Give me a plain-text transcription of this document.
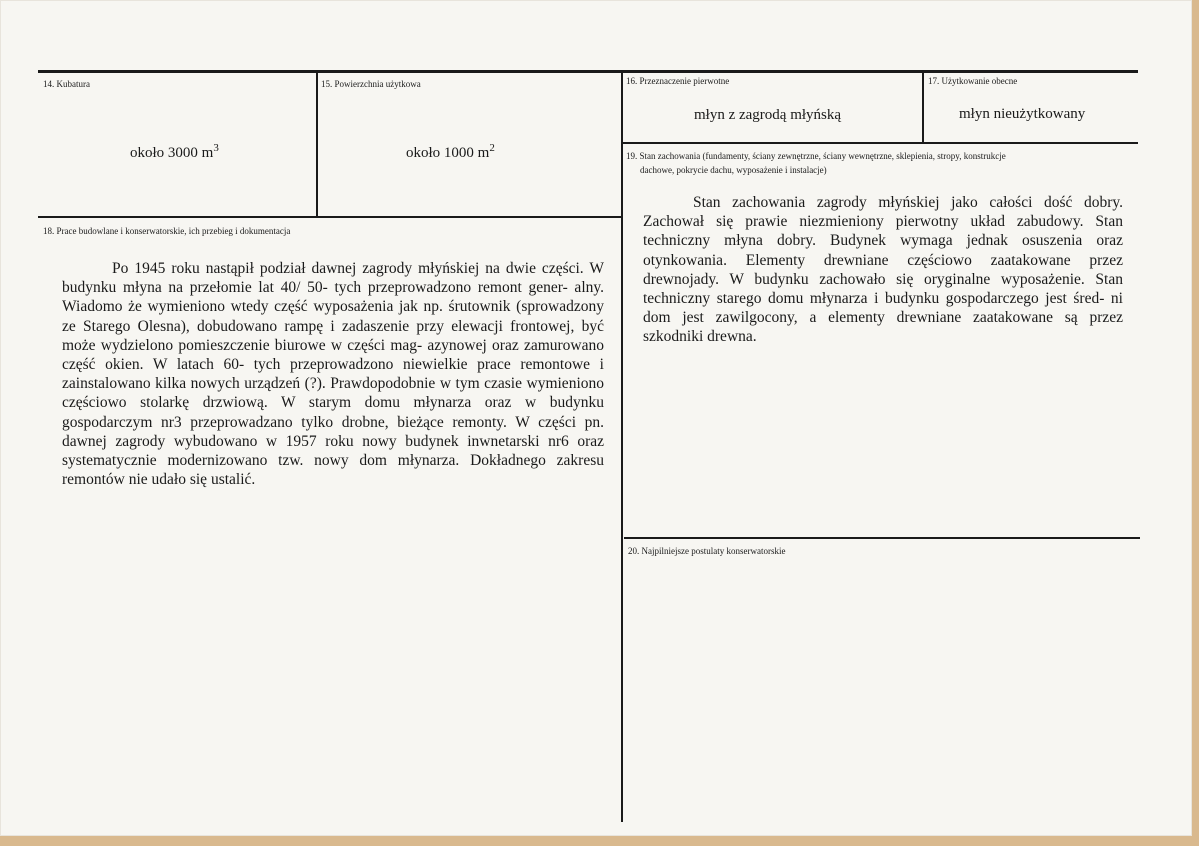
14. Kubatura
około 3000 $m^3$
15. Powierzchnia użytkowa
około 1000 $m^2$
16. Przeznaczenie pierwotne
młyn z zagrodą młyńską
17. Użytkowanie obecne
młyn nieużytkowany
18. Prace budowlane i konserwatorskie, ich przebieg i dokumentacja

Po 1945 roku nastąpił podział dawnej zagrody młyńskiej na dwie części. W budynku młyna na przełomie lat 40/ 50- tych przeprowadzono remont gener- alny. Wiadomo że wymieniono wtedy część wyposażenia jak np. śrutownik (sprowadzony ze Starego Olesna), dobudowano rampę i zadaszenie przy elewacji frontowej, być może wydzielono pomieszczenie biurowe w części mag- azynowej oraz zamurowano część okien. W latach 60- tych przeprowadzono niewielkie prace remontowe i zainstalowano kilka nowych urządzeń (?). Prawdopodobnie w tym czasie wymieniono częściowo stolarkę drzwiową. W starym domu młynarza oraz w budynku gospodarczym nr3 przeprowadzano tylko drobne, bieżące remonty. W części pn. dawnej zagrody wybudowano w 1957 roku nowy budynek inwnetarski nr6 oraz systematycznie modernizowano tzw. nowy dom młynarza. Dokładnego zakresu remontów nie udało się ustalić.

19. Stan zachowania (fundamenty, ściany zewnętrzne, ściany wewnętrzne, sklepienia, stropy, konstrukcje
dachowe, pokrycie dachu, wyposażenie i instalacje)

Stan zachowania zagrody młyńskiej jako całości dość dobry. Zachował się prawie niezmieniony pierwotny układ zabudowy. Stan techniczny młyna dobry. Budynek wymaga jednak osuszenia oraz otynkowania. Elementy drewniane częściowo zaatakowane przez drewnojady. W budynku zachowało się oryginalne wyposażenie. Stan techniczny starego domu młynarza i budynku gospodarczego jest śred- ni dom jest zawilgocony, a elementy drewniane zaatakowane są przez szkodniki drewna.

20. Najpilniejsze postulaty konserwatorskie
